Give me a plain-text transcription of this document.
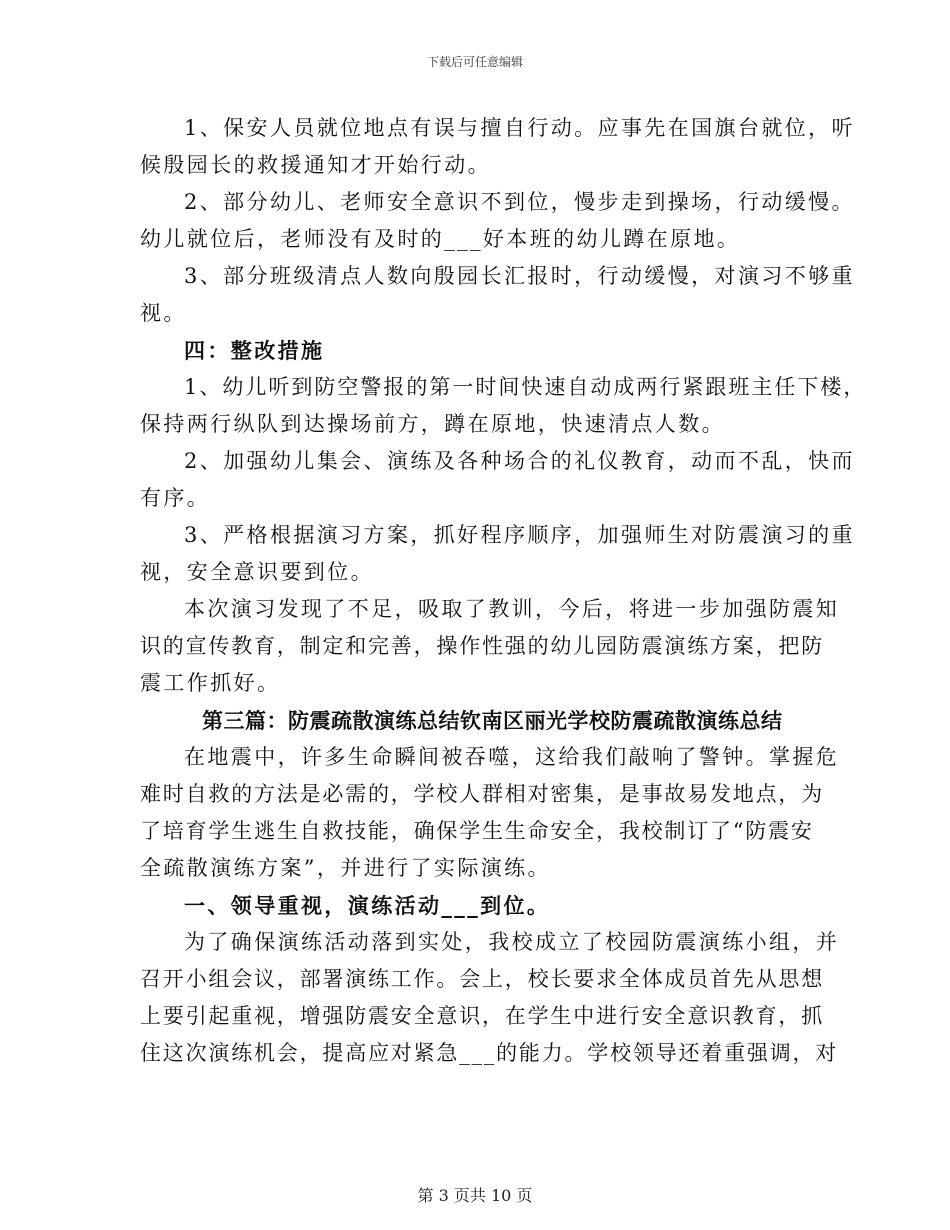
下载后可任意编辑
1、保安人员就位地点有误与擅自行动。应事先在国旗台就位，听
候殷园长的救援通知才开始行动。
2、部分幼儿、老师安全意识不到位，慢步走到操场，行动缓慢。
幼儿就位后，老师没有及时的___好本班的幼儿蹲在原地。
3、部分班级清点人数向殷园长汇报时，行动缓慢，对演习不够重
视。
四：整改措施
1、幼儿听到防空警报的第一时间快速自动成两行紧跟班主任下楼，
保持两行纵队到达操场前方，蹲在原地，快速清点人数。
2、加强幼儿集会、演练及各种场合的礼仪教育，动而不乱，快而
有序。
3、严格根据演习方案，抓好程序顺序，加强师生对防震演习的重
视，安全意识要到位。
本次演习发现了不足，吸取了教训，今后，将进一步加强防震知
识的宣传教育，制定和完善，操作性强的幼儿园防震演练方案，把防
震工作抓好。
第三篇：防震疏散演练总结钦南区丽光学校防震疏散演练总结
在地震中，许多生命瞬间被吞噬，这给我们敲响了警钟。掌握危
难时自救的方法是必需的，学校人群相对密集，是事故易发地点，为
了培育学生逃生自救技能，确保学生生命安全，我校制订了“防震安
全疏散演练方案”，并进行了实际演练。
一、领导重视，演练活动___到位。
为了确保演练活动落到实处，我校成立了校园防震演练小组，并
召开小组会议，部署演练工作。会上，校长要求全体成员首先从思想
上要引起重视，增强防震安全意识，在学生中进行安全意识教育，抓
住这次演练机会，提高应对紧急___的能力。学校领导还着重强调，对
第 3 页共 10 页
